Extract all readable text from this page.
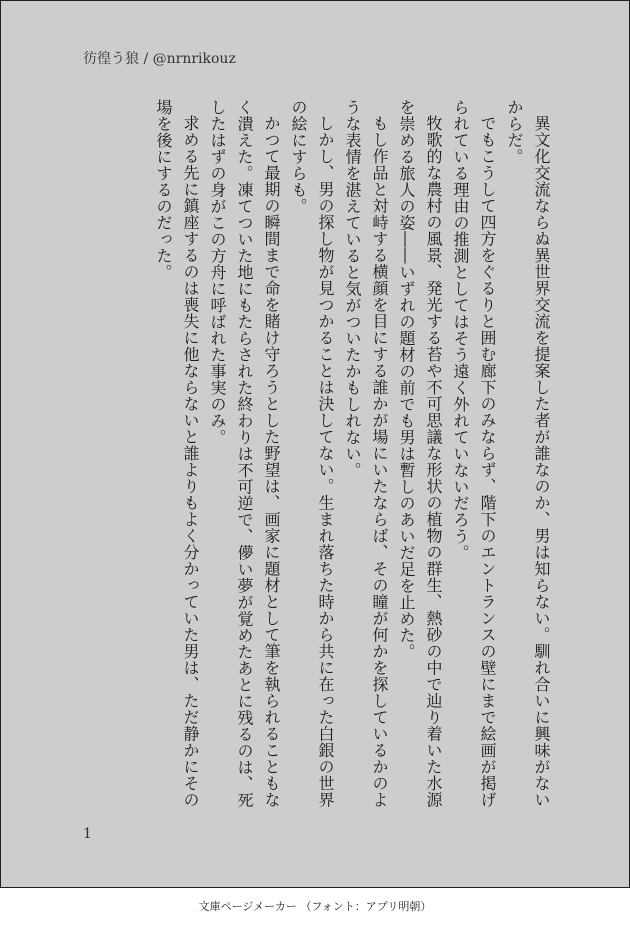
彷徨う狼 / @nrnrikouz

異文化交流ならぬ異世界交流を提案した者が誰なのか、男は知らない。馴れ合いに興味がないからだ。

でもこうして四方をぐるりと囲む廊下のみならず、階下のエントランスの壁にまで絵画が掲げられている理由の推測としてはそう遠く外れていないだろう。

牧歌的な農村の風景、発光する苔や不可思議な形状の植物の群生、熱砂の中で辿り着いた水源を崇める旅人の姿――いずれの題材の前でも男は暫しのあいだ足を止めた。

もし作品と対峙する横顔を目にする誰かが場にいたならば、その瞳が何かを探しているかのような表情を湛えていると気がついたかもしれない。

しかし、男の探し物が見つかることは決してない。生まれ落ちた時から共に在った白銀の世界の絵にすらも。

かつて最期の瞬間まで命を賭け守ろうとした野望は、画家に題材として筆を執られることもなく潰えた。凍てついた地にもたらされた終わりは不可逆で、儚い夢が覚めたあとに残るのは、死したはずの身がこの方舟に呼ばれた事実のみ。

求める先に鎮座するのは喪失に他ならないと誰よりもよく分かっていた男は、ただ静かにその場を後にするのだった。

1
文庫ページメーカー （フォント：アプリ明朝）
